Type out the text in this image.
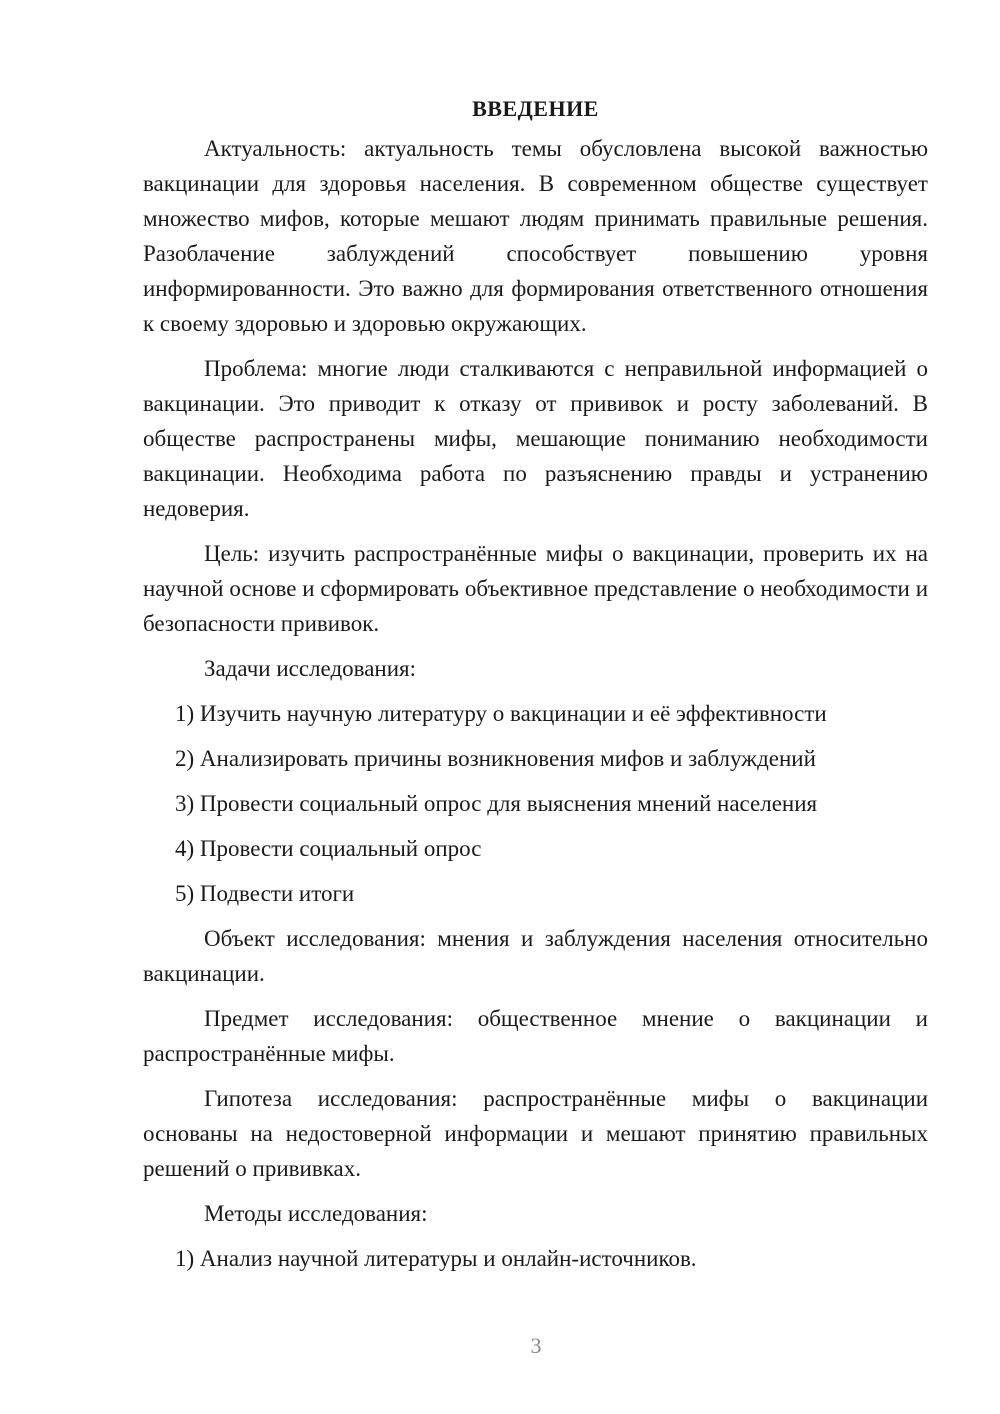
ВВЕДЕНИЕ

Актуальность: актуальность темы обусловлена высокой важностью вакцинации для здоровья населения. В современном обществе существует множество мифов, которые мешают людям принимать правильные решения. Разоблачение заблуждений способствует повышению уровня информированности. Это важно для формирования ответственного отношения к своему здоровью и здоровью окружающих.

Проблема: многие люди сталкиваются с неправильной информацией о вакцинации. Это приводит к отказу от прививок и росту заболеваний. В обществе распространены мифы, мешающие пониманию необходимости вакцинации. Необходима работа по разъяснению правды и устранению недоверия.

Цель: изучить распространённые мифы о вакцинации, проверить их на научной основе и сформировать объективное представление о необходимости и безопасности прививок.

Задачи исследования:

1) Изучить научную литературу о вакцинации и её эффективности
2) Анализировать причины возникновения мифов и заблуждений
3) Провести социальный опрос для выяснения мнений населения
4) Провести социальный опрос
5) Подвести итоги

Объект исследования: мнения и заблуждения населения относительно вакцинации.

Предмет исследования: общественное мнение о вакцинации и распространённые мифы.

Гипотеза исследования: распространённые мифы о вакцинации основаны на недостоверной информации и мешают принятию правильных решений о прививках.

Методы исследования:

1) Анализ научной литературы и онлайн-источников.
3
